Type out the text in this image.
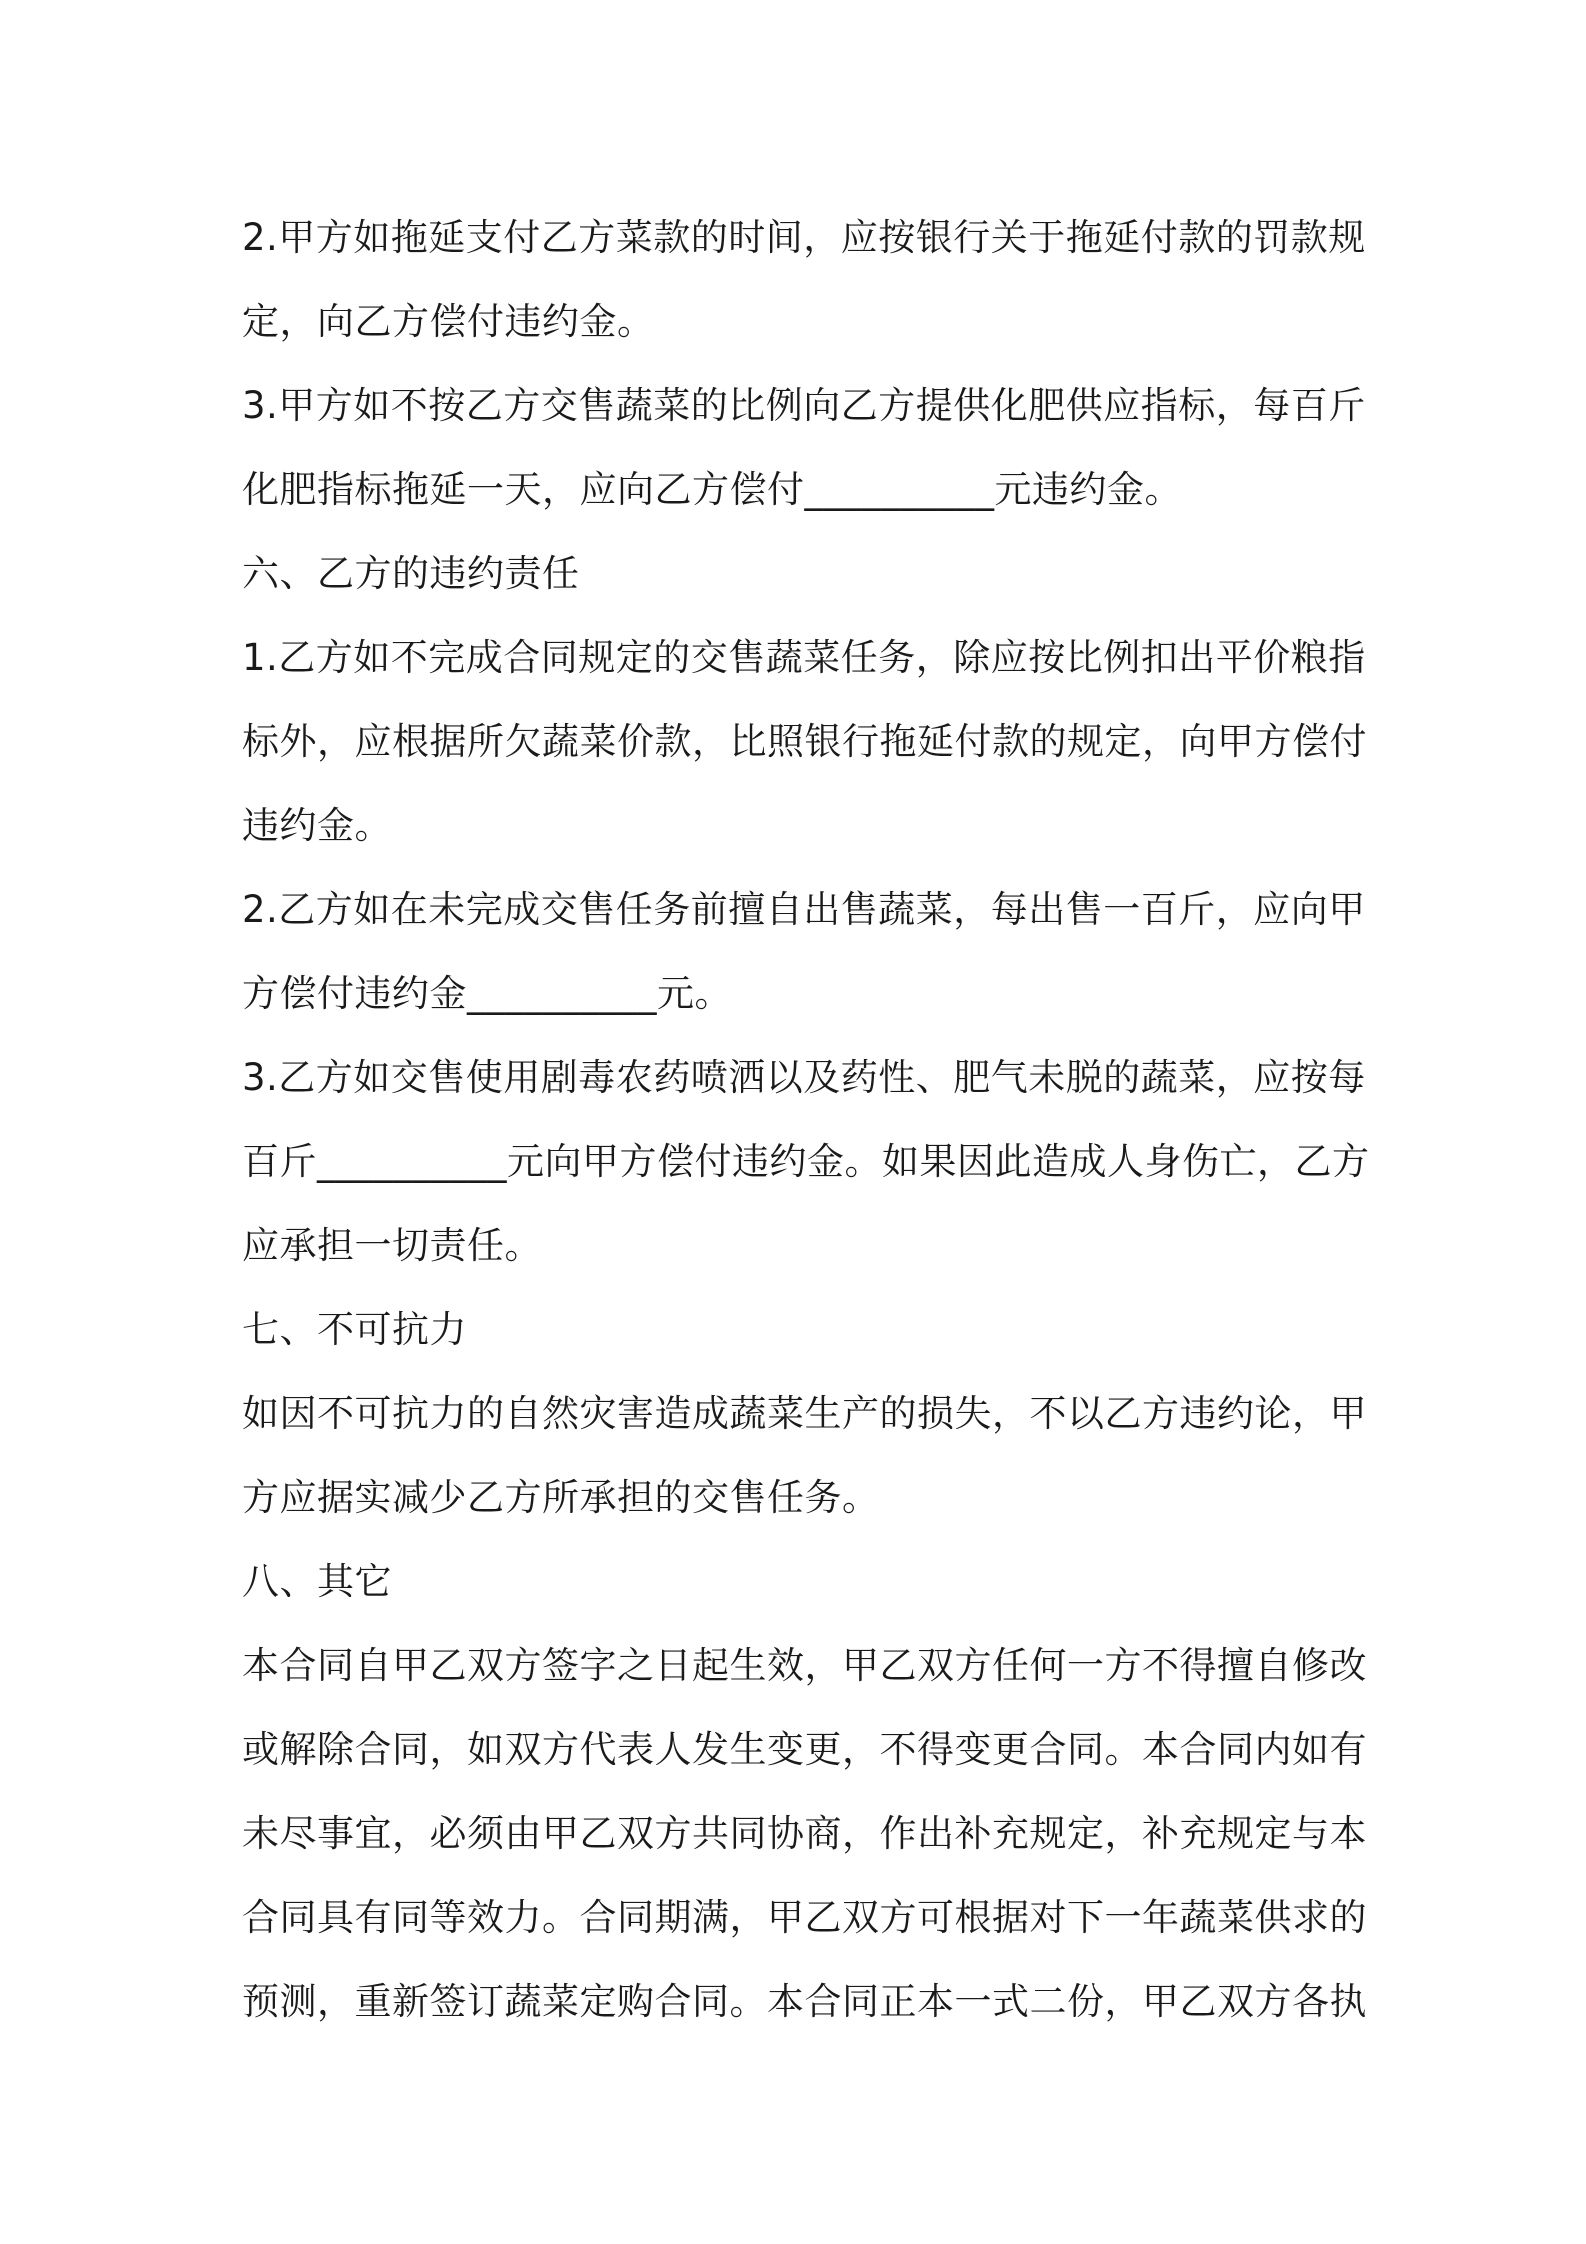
2.甲方如拖延支付乙方菜款的时间，应按银行关于拖延付款的罚款规
定，向乙方偿付违约金。
3.甲方如不按乙方交售蔬菜的比例向乙方提供化肥供应指标，每百斤
化肥指标拖延一天，应向乙方偿付__________元违约金。
六、乙方的违约责任
1.乙方如不完成合同规定的交售蔬菜任务，除应按比例扣出平价粮指
标外，应根据所欠蔬菜价款，比照银行拖延付款的规定，向甲方偿付
违约金。
2.乙方如在未完成交售任务前擅自出售蔬菜，每出售一百斤，应向甲
方偿付违约金__________元。
3.乙方如交售使用剧毒农药喷洒以及药性、肥气未脱的蔬菜，应按每
百斤__________元向甲方偿付违约金。如果因此造成人身伤亡，乙方
应承担一切责任。
七、不可抗力
如因不可抗力的自然灾害造成蔬菜生产的损失，不以乙方违约论，甲
方应据实减少乙方所承担的交售任务。
八、其它
本合同自甲乙双方签字之日起生效，甲乙双方任何一方不得擅自修改
或解除合同，如双方代表人发生变更，不得变更合同。本合同内如有
未尽事宜，必须由甲乙双方共同协商，作出补充规定，补充规定与本
合同具有同等效力。合同期满，甲乙双方可根据对下一年蔬菜供求的
预测，重新签订蔬菜定购合同。本合同正本一式二份，甲乙双方各执
